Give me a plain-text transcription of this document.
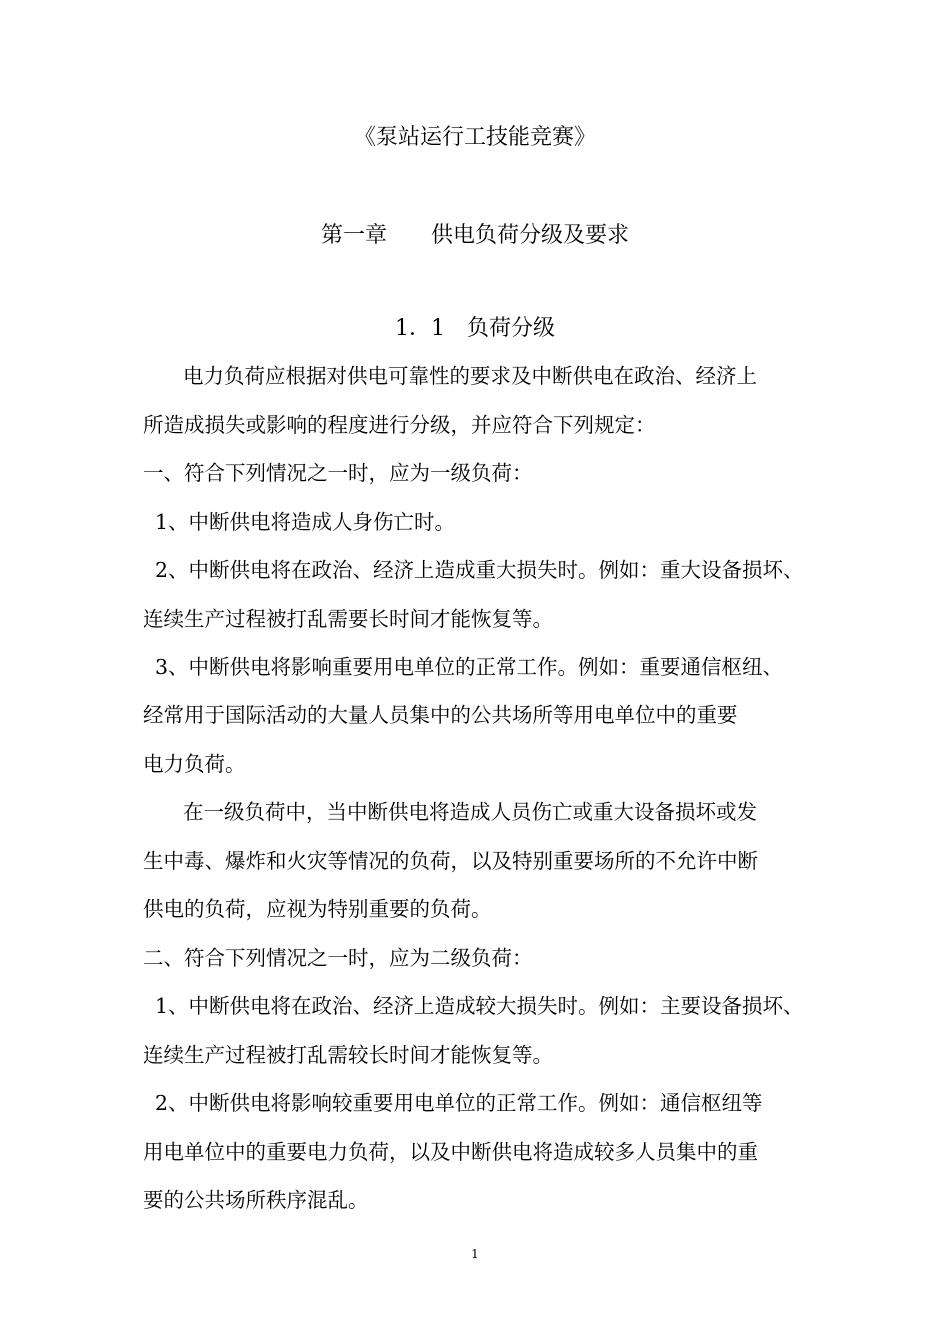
《泵站运行工技能竞赛》
第一章 供电负荷分级及要求
1．1 负荷分级
电力负荷应根据对供电可靠性的要求及中断供电在政治、经济上
所造成损失或影响的程度进行分级，并应符合下列规定：
一、符合下列情况之一时，应为一级负荷：
1、中断供电将造成人身伤亡时。
2、中断供电将在政治、经济上造成重大损失时。例如：重大设备损坏、
连续生产过程被打乱需要长时间才能恢复等。
3、中断供电将影响重要用电单位的正常工作。例如：重要通信枢纽、
经常用于国际活动的大量人员集中的公共场所等用电单位中的重要
电力负荷。
在一级负荷中，当中断供电将造成人员伤亡或重大设备损坏或发
生中毒、爆炸和火灾等情况的负荷，以及特别重要场所的不允许中断
供电的负荷，应视为特别重要的负荷。
二、符合下列情况之一时，应为二级负荷：
1、中断供电将在政治、经济上造成较大损失时。例如：主要设备损坏、
连续生产过程被打乱需较长时间才能恢复等。
2、中断供电将影响较重要用电单位的正常工作。例如：通信枢纽等
用电单位中的重要电力负荷，以及中断供电将造成较多人员集中的重
要的公共场所秩序混乱。
1
